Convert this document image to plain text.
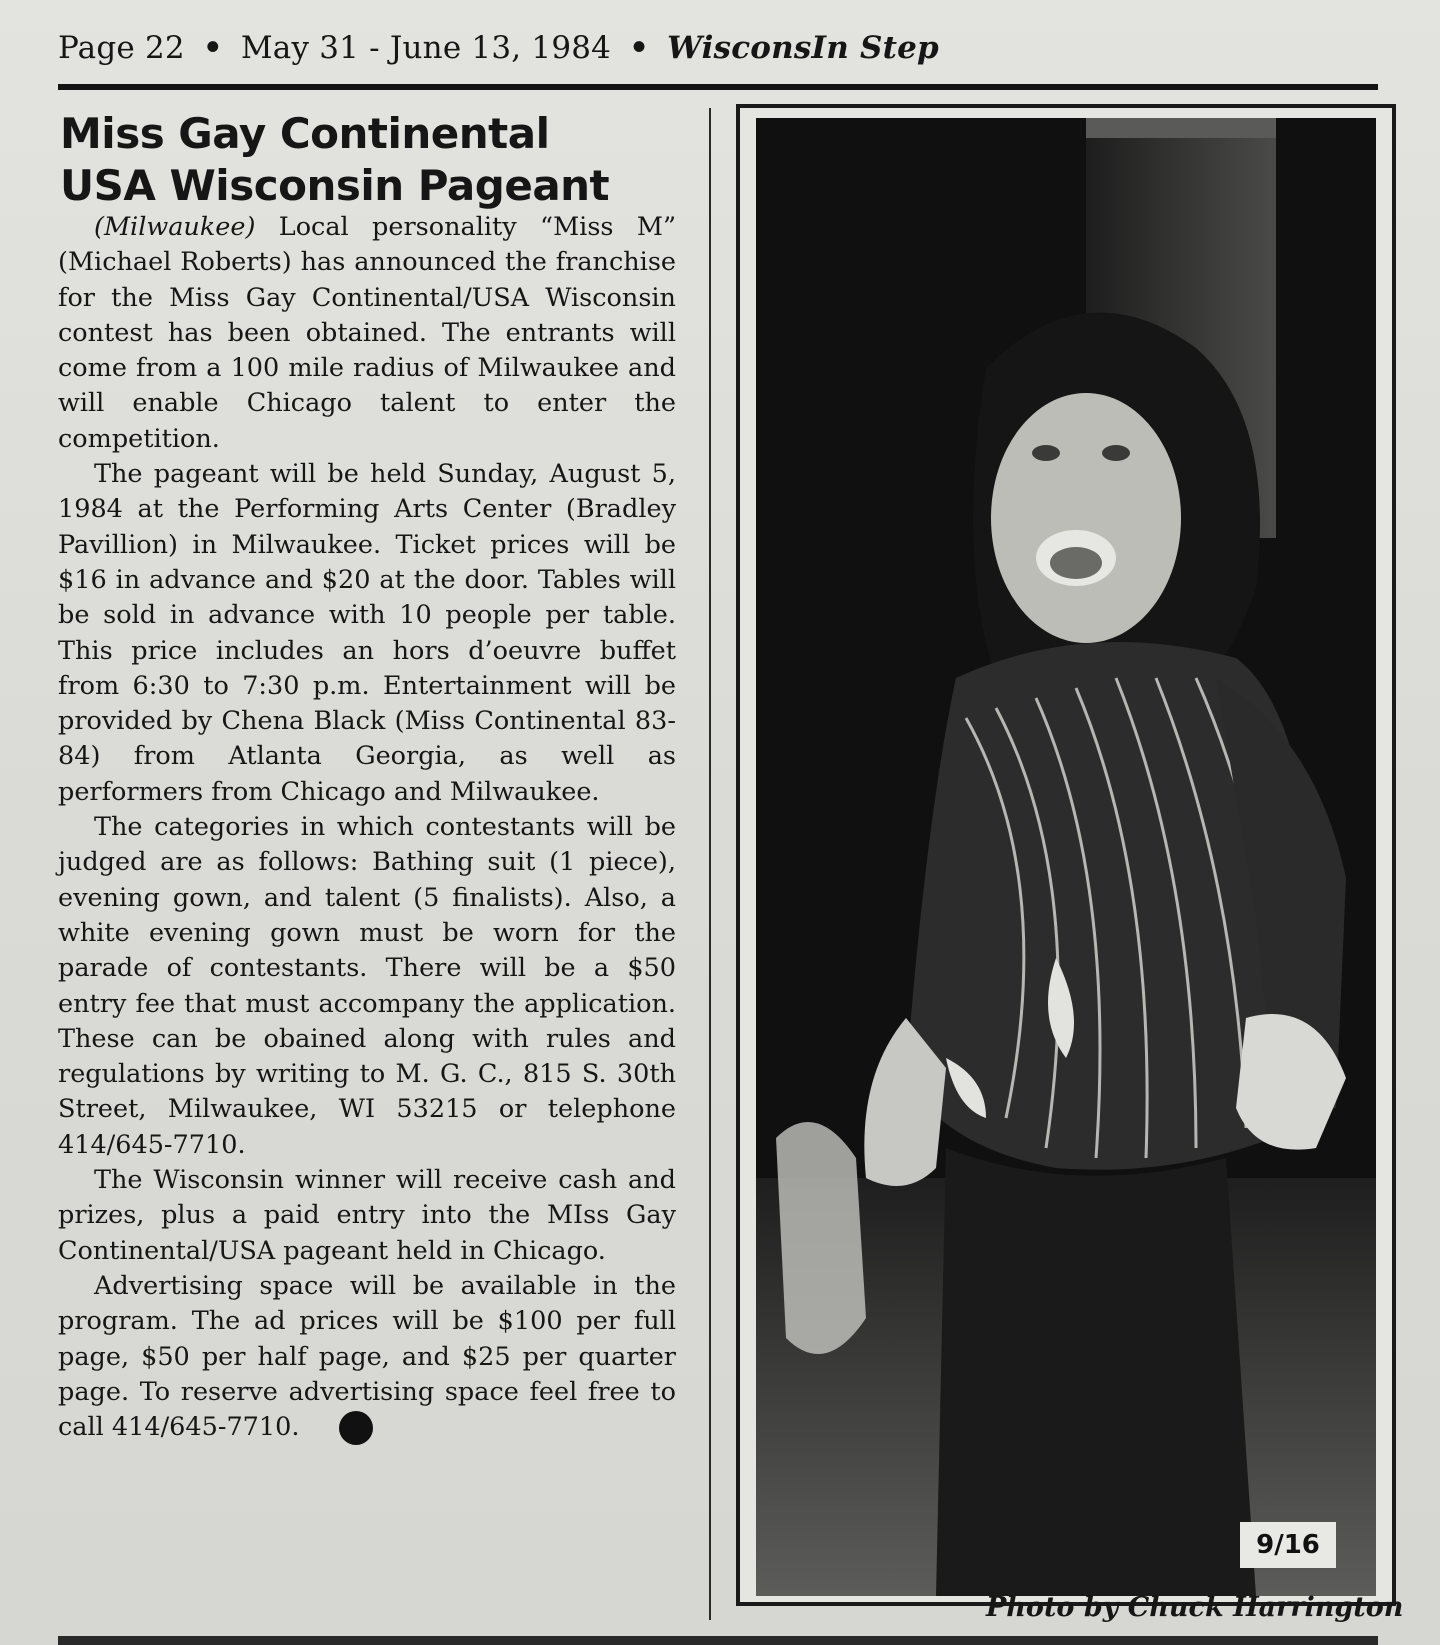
Page 22 • May 31 - June 13, 1984 • WisconsIn Step
Miss Gay Continental
USA Wisconsin Pageant

(Milwaukee) Local personality “Miss M” (Michael Roberts) has announced the franchise for the Miss Gay Continental/USA Wisconsin contest has been obtained. The entrants will come from a 100 mile radius of Milwaukee and will enable Chicago talent to enter the competition.

The pageant will be held Sunday, August 5, 1984 at the Performing Arts Center (Bradley Pavillion) in Milwaukee. Ticket prices will be $16 in advance and $20 at the door. Tables will be sold in advance with 10 people per table. This price includes an hors d’oeuvre buffet from 6:30 to 7:30 p.m. Entertainment will be provided by Chena Black (Miss Continental 83-84) from Atlanta Georgia, as well as performers from Chicago and Milwaukee.

The categories in which contestants will be judged are as follows: Bathing suit (1 piece), evening gown, and talent (5 finalists). Also, a white evening gown must be worn for the parade of contestants. There will be a $50 entry fee that must accompany the application. These can be obained along with rules and regulations by writing to M. G. C., 815 S. 30th Street, Milwaukee, WI 53215 or telephone 414/645-7710.

The Wisconsin winner will receive cash and prizes, plus a paid entry into the MIss Gay Continental/USA pageant held in Chicago.

Advertising space will be available in the program. The ad prices will be $100 per full page, $50 per half page, and $25 per quarter page. To reserve advertising space feel free to call 414/645-7710.

9/16
Photo by Chuck Harrington
